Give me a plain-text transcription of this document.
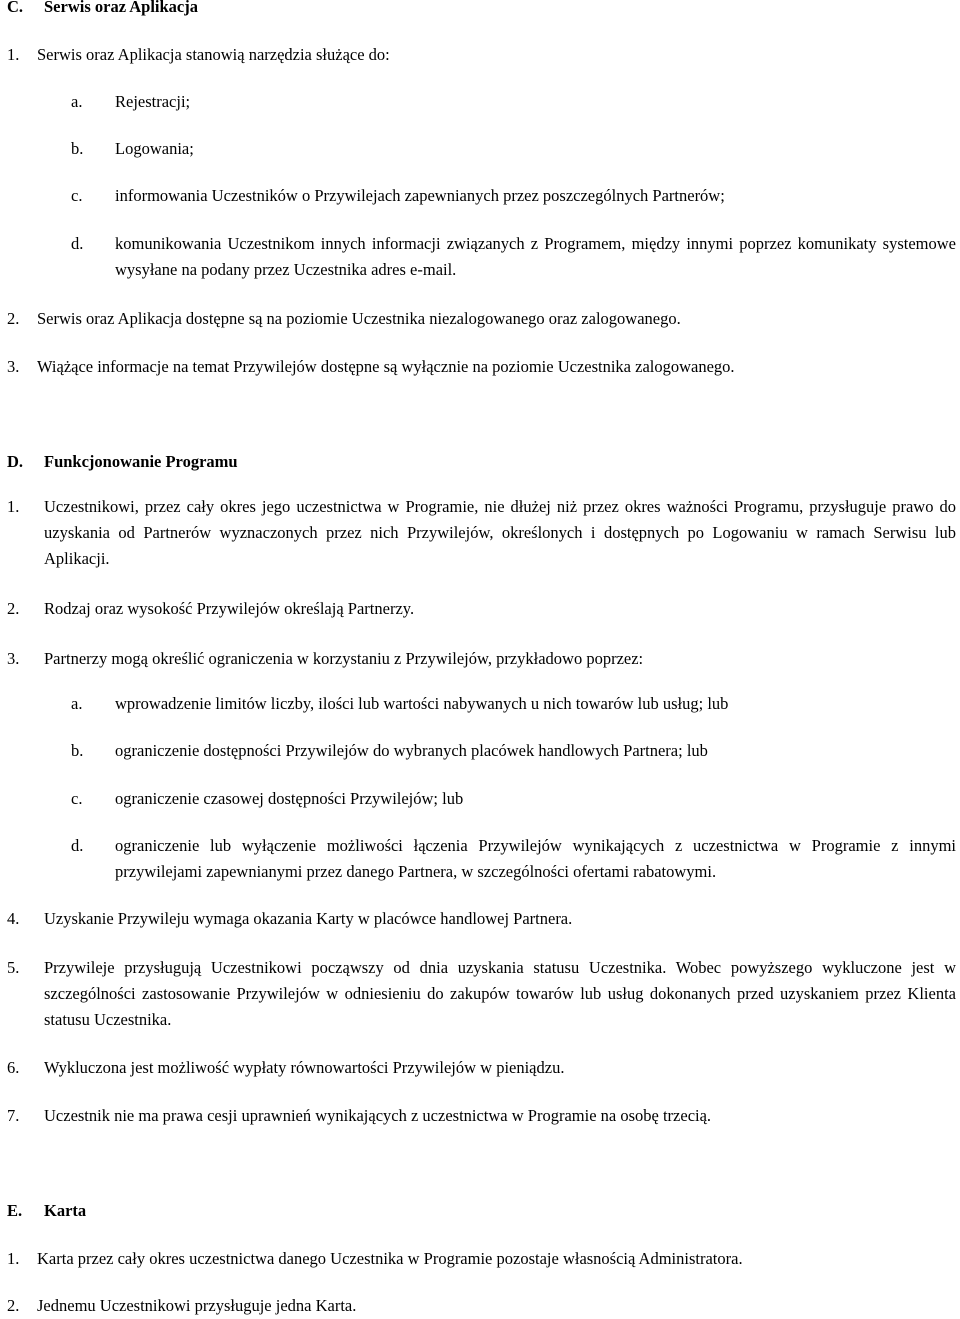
C. Serwis oraz Aplikacja
1. Serwis oraz Aplikacja stanowią narzędzia służące do:
a. Rejestracji;
b. Logowania;
c. informowania Uczestników o Przywilejach zapewnianych przez poszczególnych Partnerów;
d. komunikowania Uczestnikom innych informacji związanych z Programem, między innymi poprzez komunikaty systemowe wysyłane na podany przez Uczestnika adres e-mail.
2. Serwis oraz Aplikacja dostępne są na poziomie Uczestnika niezalogowanego oraz zalogowanego.
3. Wiążące informacje na temat Przywilejów dostępne są wyłącznie na poziomie Uczestnika zalogowanego.
D. Funkcjonowanie Programu
1. Uczestnikowi, przez cały okres jego uczestnictwa w Programie, nie dłużej niż przez okres ważności Programu, przysługuje prawo do uzyskania od Partnerów wyznaczonych przez nich Przywilejów, określonych i dostępnych po Logowaniu w ramach Serwisu lub Aplikacji.
2. Rodzaj oraz wysokość Przywilejów określają Partnerzy.
3. Partnerzy mogą określić ograniczenia w korzystaniu z Przywilejów, przykładowo poprzez:
a. wprowadzenie limitów liczby, ilości lub wartości nabywanych u nich towarów lub usług; lub
b. ograniczenie dostępności Przywilejów do wybranych placówek handlowych Partnera; lub
c. ograniczenie czasowej dostępności Przywilejów; lub
d. ograniczenie lub wyłączenie możliwości łączenia Przywilejów wynikających z uczestnictwa w Programie z innymi przywilejami zapewnianymi przez danego Partnera, w szczególności ofertami rabatowymi.
4. Uzyskanie Przywileju wymaga okazania Karty w placówce handlowej Partnera.
5. Przywileje przysługują Uczestnikowi począwszy od dnia uzyskania statusu Uczestnika. Wobec powyższego wykluczone jest w szczególności zastosowanie Przywilejów w odniesieniu do zakupów towarów lub usług dokonanych przed uzyskaniem przez Klienta statusu Uczestnika.
6. Wykluczona jest możliwość wypłaty równowartości Przywilejów w pieniądzu.
7. Uczestnik nie ma prawa cesji uprawnień wynikających z uczestnictwa w Programie na osobę trzecią.
E. Karta
1. Karta przez cały okres uczestnictwa danego Uczestnika w Programie pozostaje własnością Administratora.
2. Jednemu Uczestnikowi przysługuje jedna Karta.
